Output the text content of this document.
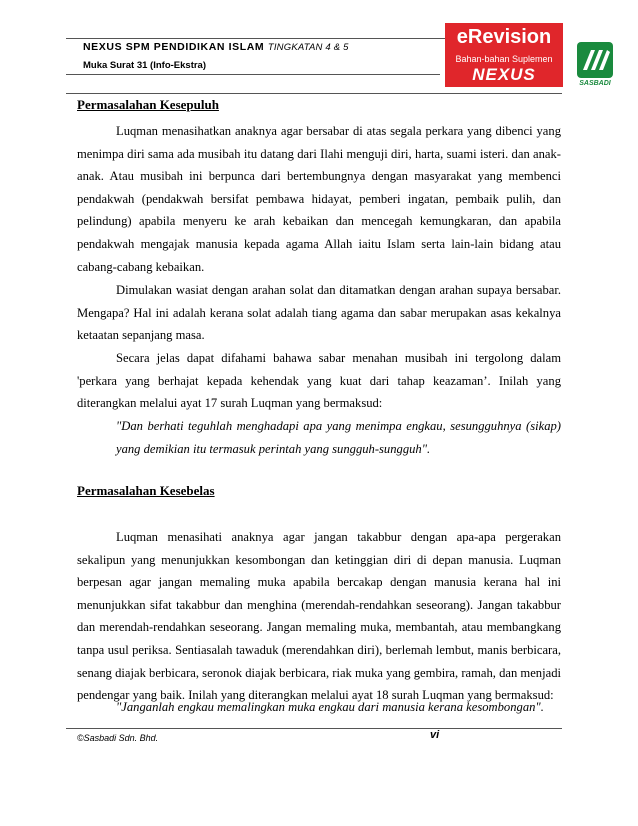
NEXUS SPM PENDIDIKAN ISLAM TINGKATAN 4 & 5
Muka Surat 31 (Info-Ekstra)
eRevision
Bahan-bahan Suplemen
NEXUS	SASBADI
Permasalahan Kesepuluh
Luqman menasihatkan anaknya agar bersabar di atas segala perkara yang dibenci yang menimpa diri sama ada musibah itu datang dari Ilahi menguji diri, harta, suami isteri. dan anak-anak. Atau musibah ini berpunca dari bertembungnya dengan masyarakat yang membenci pendakwah (pendakwah bersifat pembawa hidayat, pemberi ingatan, pembaik pulih, dan pelindung) apabila menyeru ke arah kebaikan dan mencegah kemungkaran, dan apabila pendakwah mengajak manusia kepada agama Allah iaitu Islam serta lain-lain bidang atau cabang-cabang kebaikan.
Dimulakan wasiat dengan arahan solat dan ditamatkan dengan arahan supaya bersabar. Mengapa? Hal ini adalah kerana solat adalah tiang agama dan sabar merupakan asas kekalnya ketaatan sepanjang masa.
Secara jelas dapat difahami bahawa sabar menahan musibah ini tergolong dalam 'perkara yang berhajat kepada kehendak yang kuat dari tahap keazaman’. Inilah yang diterangkan melalui ayat 17 surah Luqman yang bermaksud:
"Dan berhati teguhlah menghadapi apa yang menimpa engkau, sesungguhnya (sikap) yang demikian itu termasuk perintah yang sungguh-sungguh".
Permasalahan Kesebelas
Luqman menasihati anaknya agar jangan takabbur dengan apa-apa pergerakan sekalipun yang menunjukkan kesombongan dan ketinggian diri di depan manusia. Luqman berpesan agar jangan memaling muka apabila bercakap dengan manusia kerana hal ini menunjukkan sifat takabbur dan menghina (merendah-rendahkan seseorang). Jangan takabbur dan merendah-rendahkan seseorang. Jangan memaling muka, membantah, atau membangkang tanpa usul periksa. Sentiasalah tawaduk (merendahkan diri), berlemah lembut, manis berbicara, senang diajak berbicara, seronok diajak berbicara, riak muka yang gembira, ramah, dan menjadi pendengar yang baik. Inilah yang diterangkan melalui ayat 18 surah Luqman yang bermaksud:
"Janganlah engkau memalingkan muka engkau dari manusia kerana kesombongan".
©Sasbadi Sdn. Bhd.	vi
